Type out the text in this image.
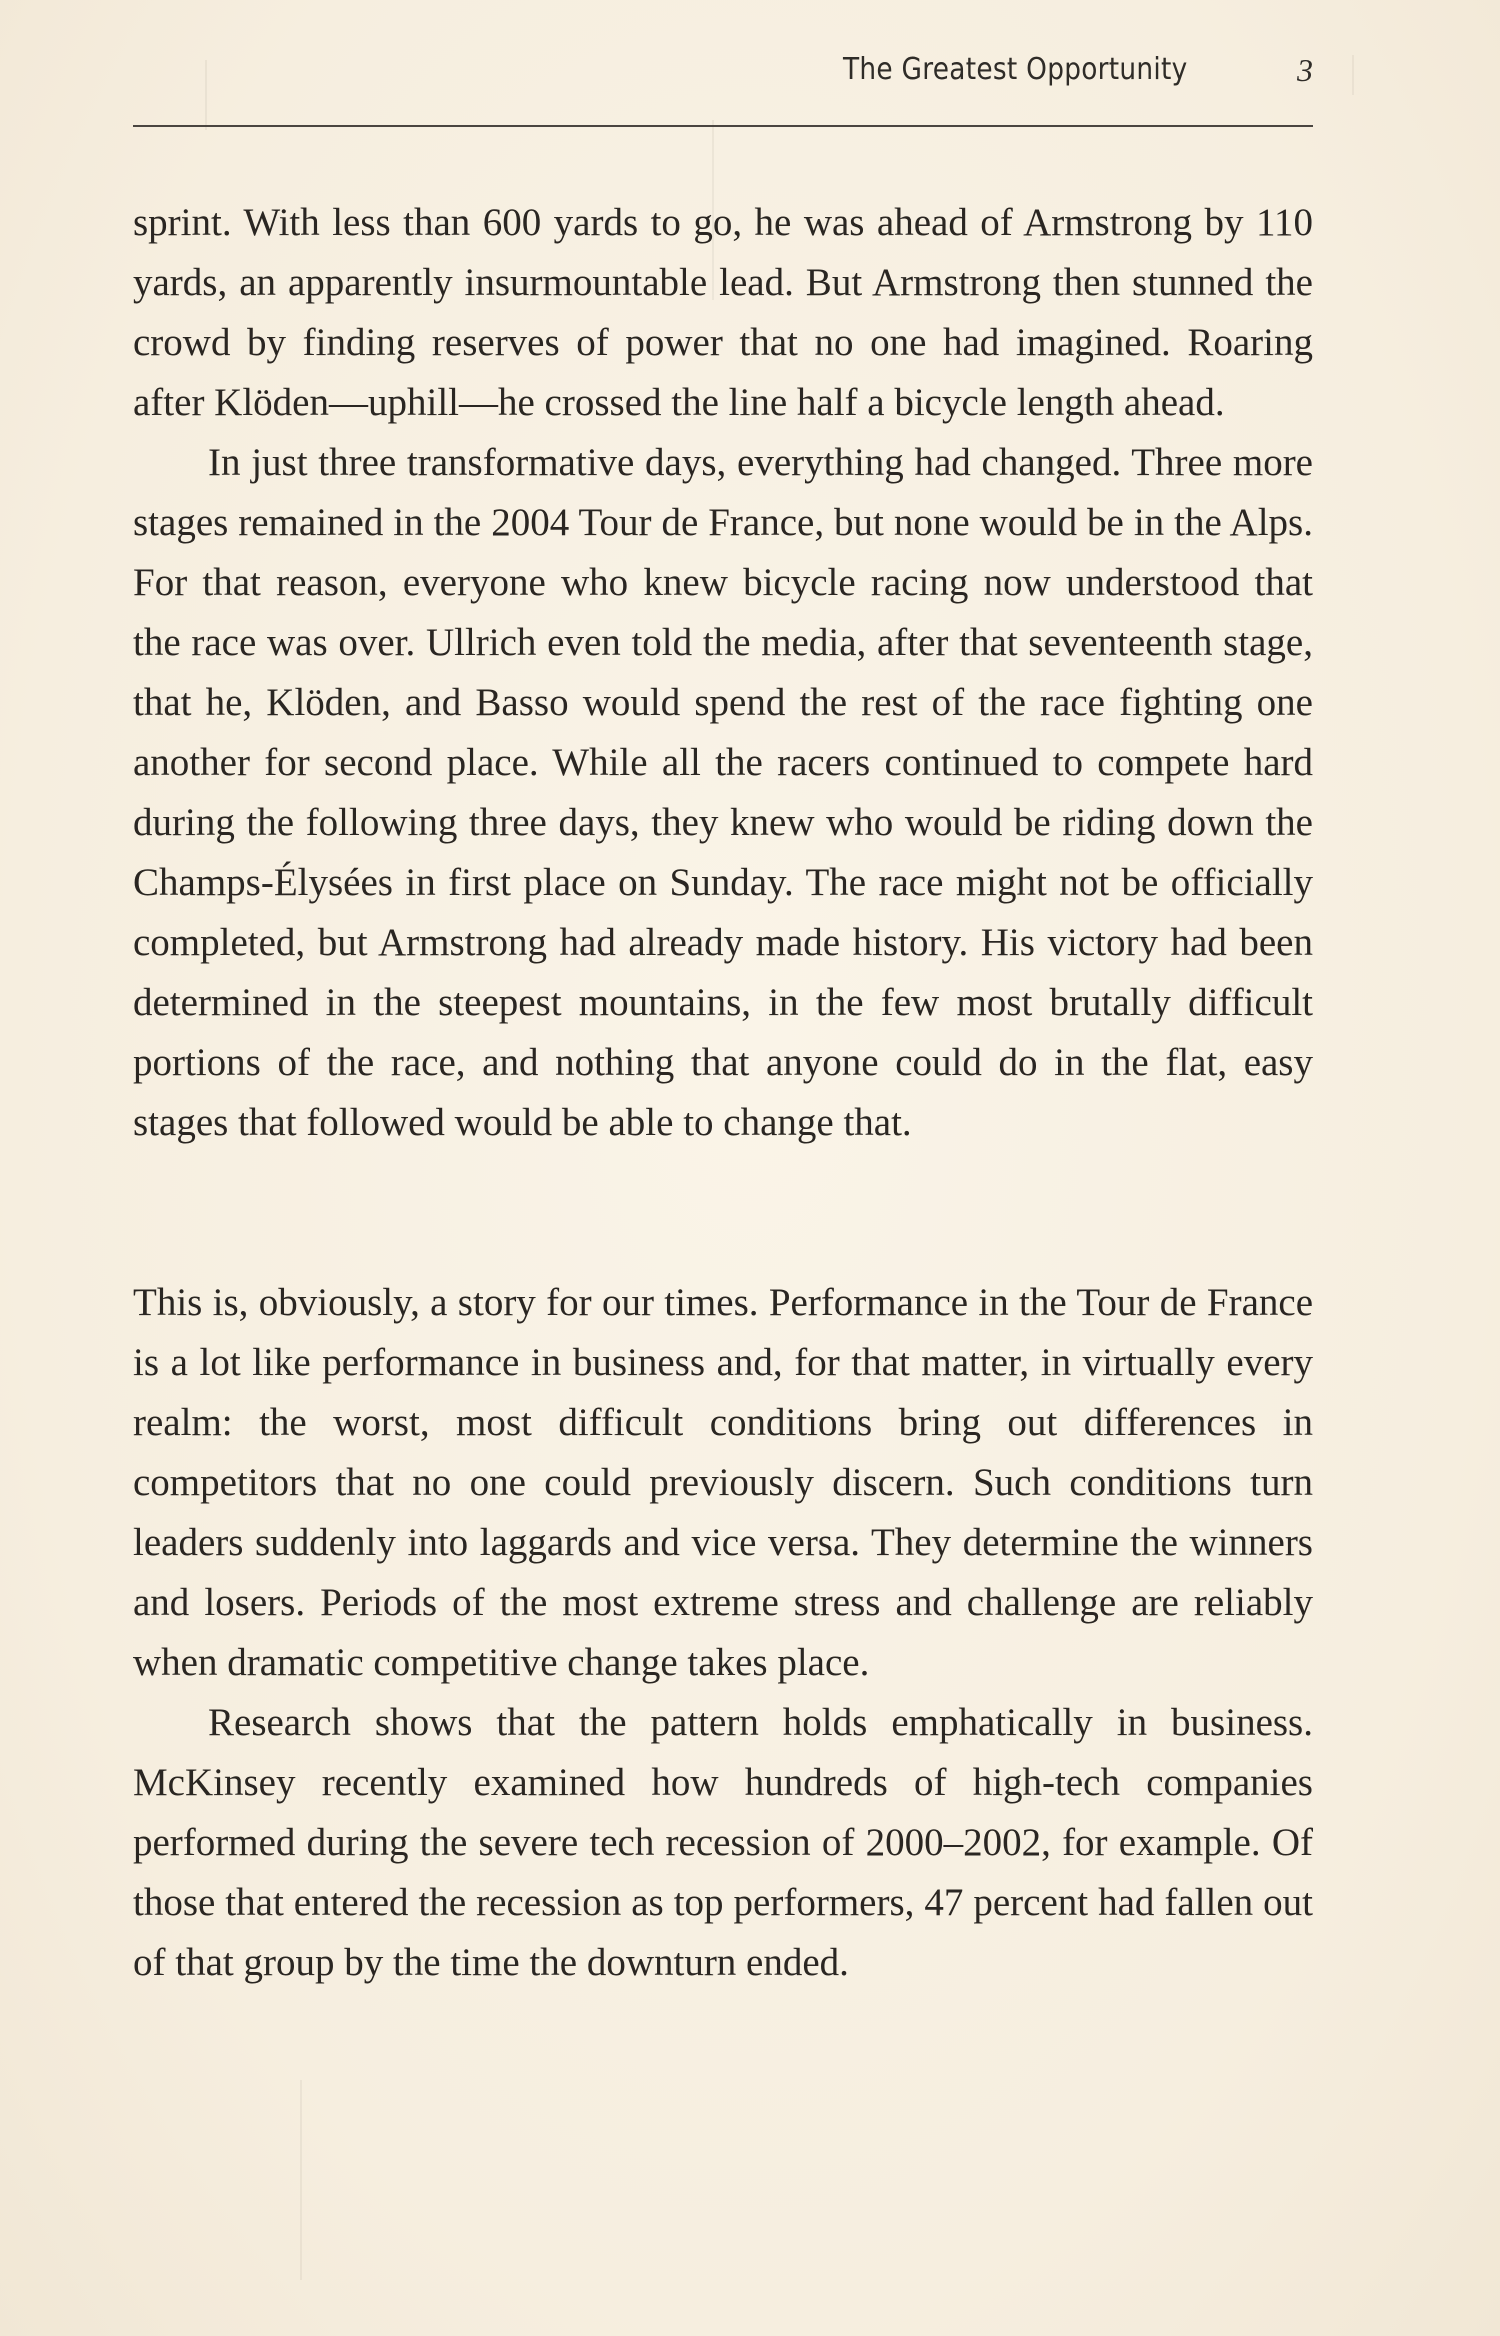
The Greatest Opportunity	3

sprint. With less than 600 yards to go, he was ahead of Armstrong by 110 yards, an apparently insurmountable lead. But Armstrong then stunned the crowd by finding reserves of power that no one had imagined. Roaring after Klöden—uphill—he crossed the line half a bicycle length ahead.

In just three transformative days, everything had changed. Three more stages remained in the 2004 Tour de France, but none would be in the Alps. For that reason, everyone who knew bicycle racing now understood that the race was over. Ullrich even told the media, after that seventeenth stage, that he, Klöden, and Basso would spend the rest of the race fighting one another for second place. While all the racers continued to compete hard during the following three days, they knew who would be riding down the Champs-Élysées in first place on Sunday. The race might not be officially completed, but Armstrong had already made history. His victory had been determined in the steepest mountains, in the few most brutally difficult portions of the race, and nothing that anyone could do in the flat, easy stages that followed would be able to change that.

This is, obviously, a story for our times. Performance in the Tour de France is a lot like performance in business and, for that matter, in virtually every realm: the worst, most difficult conditions bring out differences in competitors that no one could previously discern. Such conditions turn leaders suddenly into laggards and vice versa. They determine the winners and losers. Periods of the most extreme stress and challenge are reliably when dramatic competitive change takes place.

Research shows that the pattern holds emphatically in business. McKinsey recently examined how hundreds of high-tech companies performed during the severe tech recession of 2000–2002, for example. Of those that entered the recession as top performers, 47 percent had fallen out of that group by the time the downturn ended.
